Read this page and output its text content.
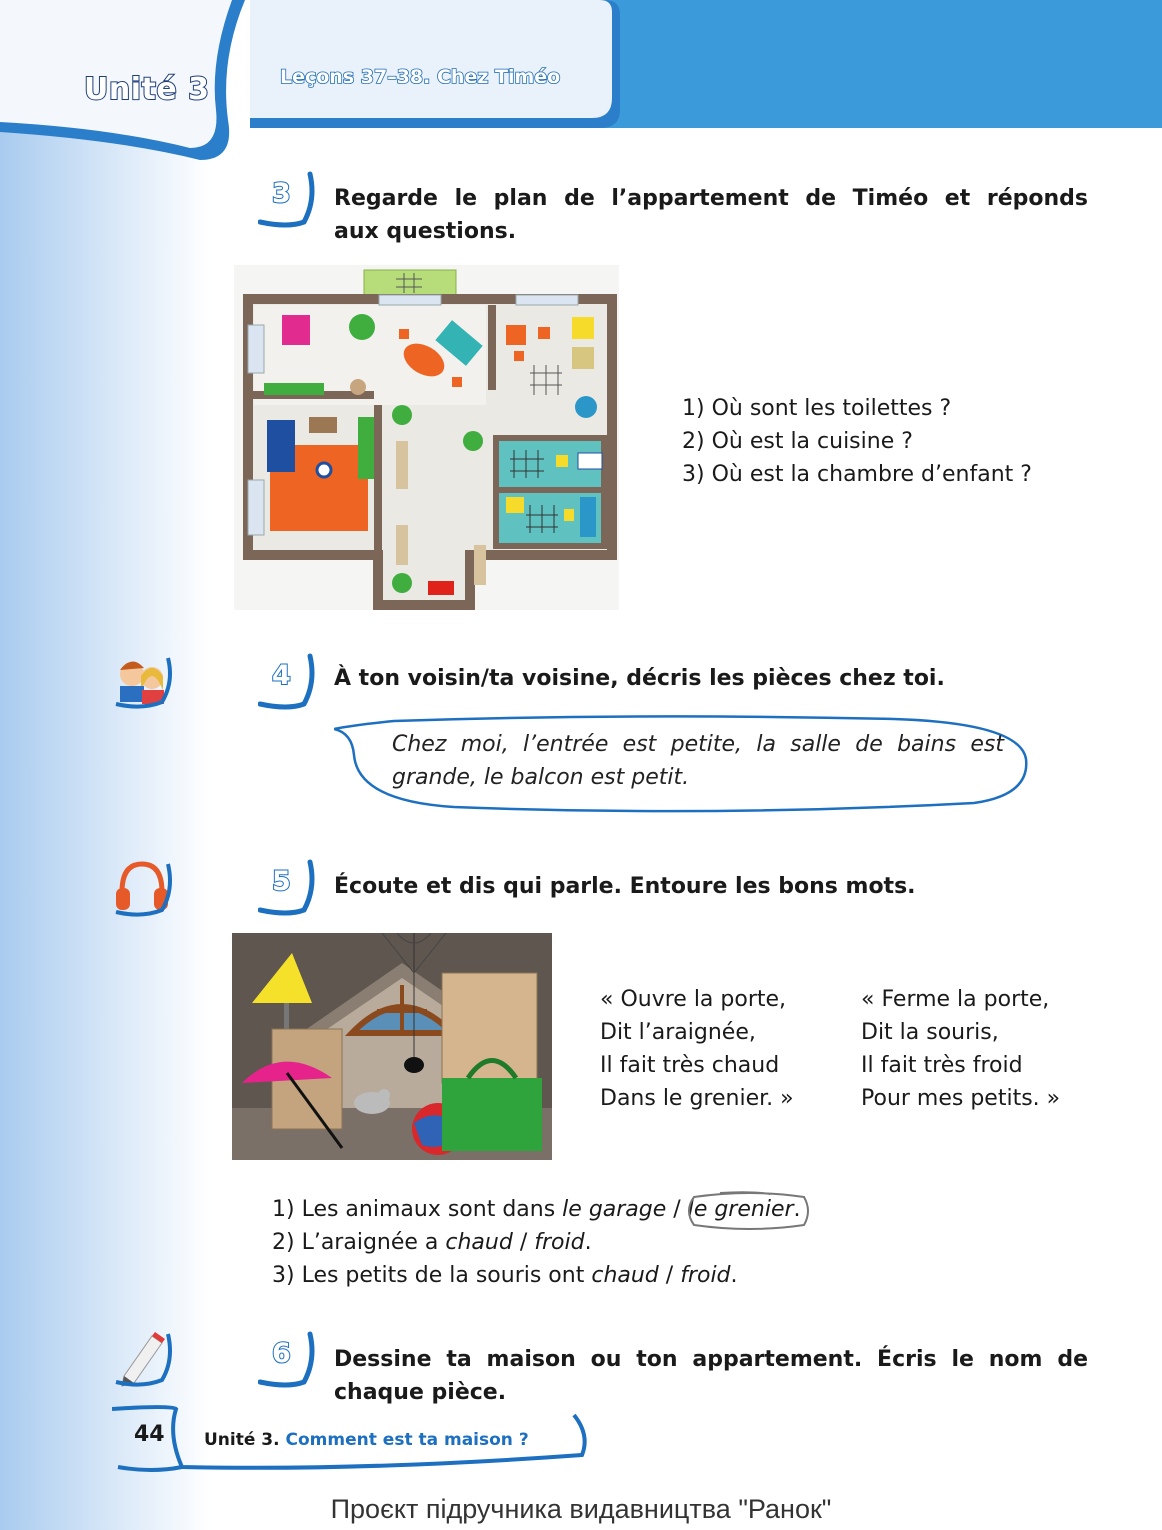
Unité 3	Leçons 37–38. Chez Timéo
3 Regarde le plan de l’appartement de Timéo et réponds
aux questions.
1) Où sont les toilettes ?
2) Où est la cuisine ?
3) Où est la chambre d’enfant ?
4 À ton voisin/ta voisine, décris les pièces chez toi.
Chez moi, l’entrée est petite, la salle de bains est grande, le balcon est petit.
5 Écoute et dis qui parle. Entoure les bons mots.
« Ouvre la porte,
Dit l’araignée,
Il fait très chaud
Dans le grenier. »
« Ferme la porte,
Dit la souris,
Il fait très froid
Pour mes petits. »
1) Les animaux sont dans le garage /
le grenier.
2) L’araignée a chaud / froid.
3) Les petits de la souris ont chaud / froid.
6 Dessine ta maison ou ton appartement. Écris le nom de
chaque pièce.
44 Unité 3. Comment est ta maison ?
Проєкт підручника видавництва "Ранок"
